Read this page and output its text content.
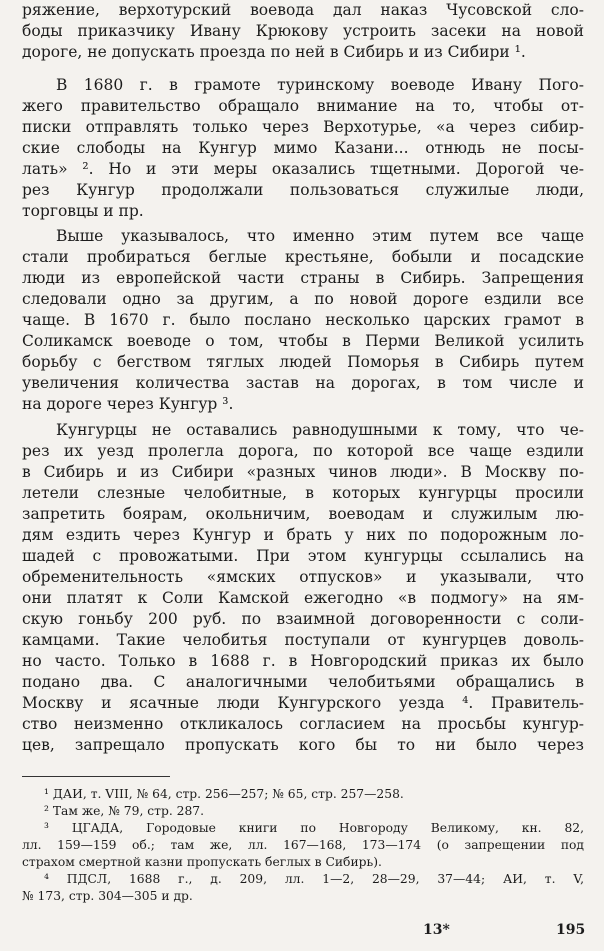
ряжение, верхотурский воевода дал наказ Чусовской сло-
боды приказчику Ивану Крюкову устроить засеки на новой
дороге, не допускать проезда по ней в Сибирь и из Сибири ¹.
В 1680 г. в грамоте туринскому воеводе Ивану Пого-
жего правительство обращало внимание на то, чтобы от-
писки отправлять только через Верхотурье, «а через сибир-
ские слободы на Кунгур мимо Казани... отнюдь не посы-
лать» ². Но и эти меры оказались тщетными. Дорогой че-
рез Кунгур продолжали пользоваться служилые люди,
торговцы и пр.
Выше указывалось, что именно этим путем все чаще
стали пробираться беглые крестьяне, бобыли и посадские
люди из европейской части страны в Сибирь. Запрещения
следовали одно за другим, а по новой дороге ездили все
чаще. В 1670 г. было послано несколько царских грамот в
Соликамск воеводе о том, чтобы в Перми Великой усилить
борьбу с бегством тяглых людей Поморья в Сибирь путем
увеличения количества застав на дорогах, в том числе и
на дороге через Кунгур ³.
Кунгурцы не оставались равнодушными к тому, что че-
рез их уезд пролегла дорога, по которой все чаще ездили
в Сибирь и из Сибири «разных чинов люди». В Москву по-
летели слезные челобитные, в которых кунгурцы просили
запретить боярам, окольничим, воеводам и служилым лю-
дям ездить через Кунгур и брать у них по подорожным ло-
шадей с провожатыми. При этом кунгурцы ссылались на
обременительность «ямских отпусков» и указывали, что
они платят к Соли Камской ежегодно «в подмогу» на ям-
скую гоньбу 200 руб. по взаимной договоренности с соли-
камцами. Такие челобитья поступали от кунгурцев доволь-
но часто. Только в 1688 г. в Новгородский приказ их было
подано два. С аналогичными челобитьями обращались в
Москву и ясачные люди Кунгурского уезда ⁴. Правитель-
ство неизменно откликалось согласием на просьбы кунгур-
цев, запрещало пропускать кого бы то ни было через
¹ ДАИ, т. VIII, № 64, стр. 256—257; № 65, стр. 257—258.
² Там же, № 79, стр. 287.
³ ЦГАДА, Городовые книги по Новгороду Великому, кн. 82,
лл. 159—159 об.; там же, лл. 167—168, 173—174 (о запрещении под
страхом смертной казни пропускать беглых в Сибирь).
⁴ ПДСЛ, 1688 г., д. 209, лл. 1—2, 28—29, 37—44; АИ, т. V,
№ 173, стр. 304—305 и др.
13*	195
